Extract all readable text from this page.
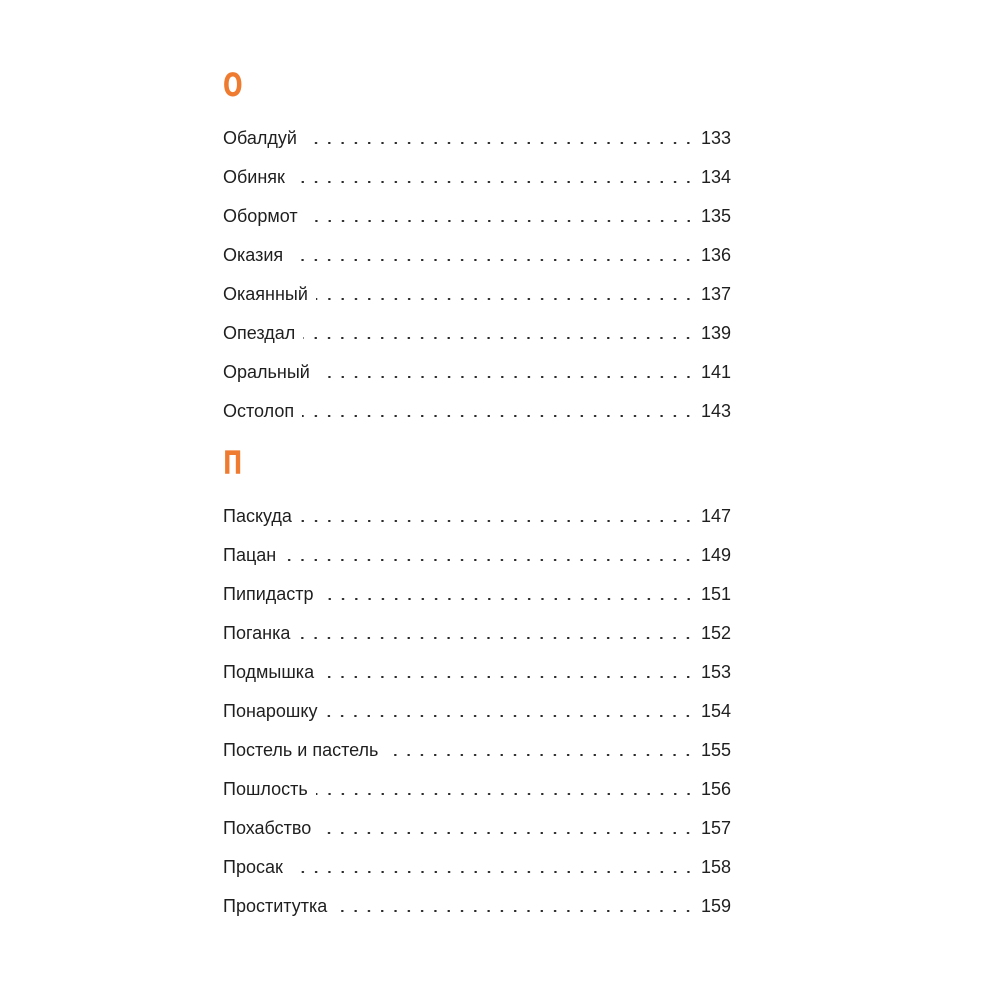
О
Обалдуй	133
Обиняк	134
Обормот	135
Оказия	136
Окаянный	137
Опездал	139
Оральный	141
Остолоп	143
П
Паскуда	147
Пацан	149
Пипидастр	151
Поганка	152
Подмышка	153
Понарошку	154
Постель и пастель	155
Пошлость	156
Похабство	157
Просак	158
Проститутка	159
